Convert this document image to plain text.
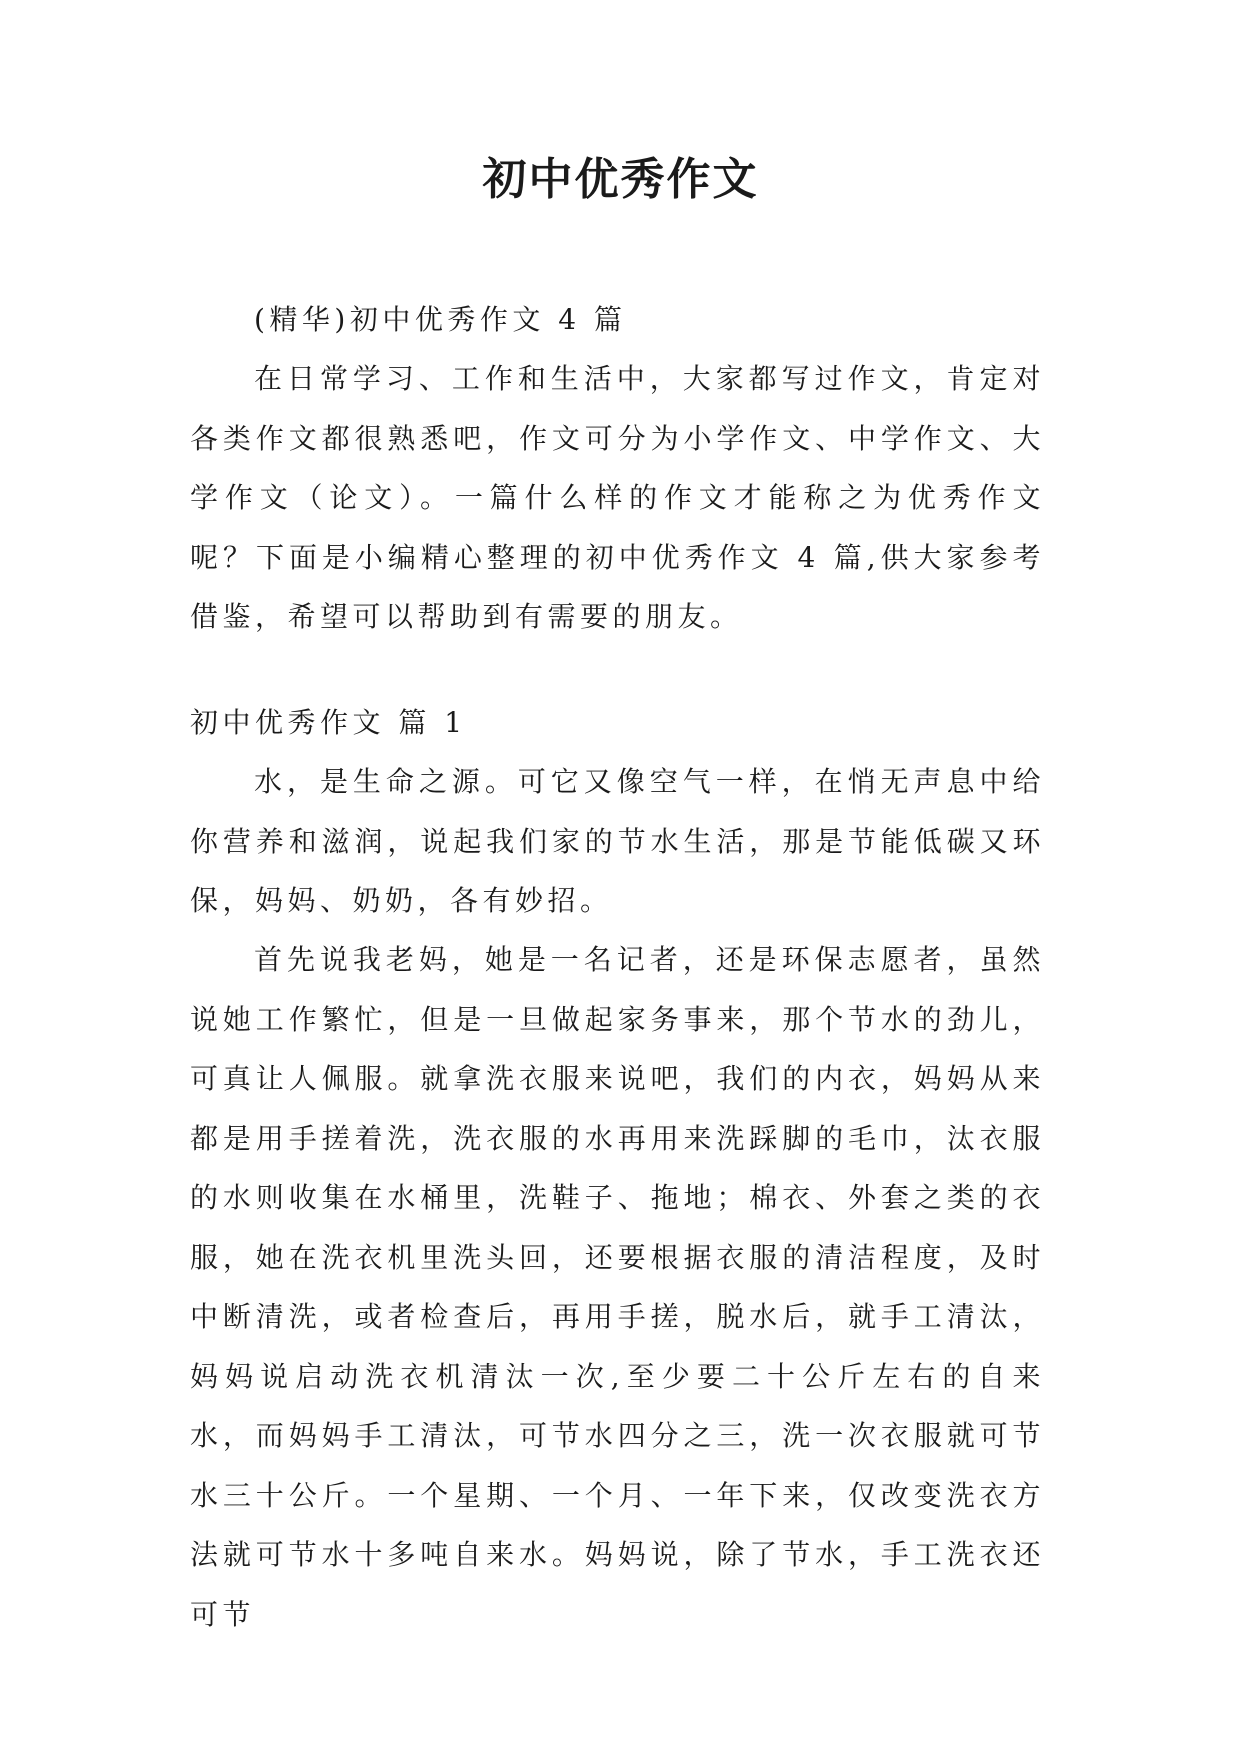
初中优秀作文

(精华)初中优秀作文 4 篇

在日常学习、工作和生活中，大家都写过作文，肯定对各类作文都很熟悉吧，作文可分为小学作文、中学作文、大学作文（论文）。一篇什么样的作文才能称之为优秀作文呢？下面是小编精心整理的初中优秀作文 4 篇,供大家参考借鉴，希望可以帮助到有需要的朋友。

初中优秀作文 篇 1

水，是生命之源。可它又像空气一样，在悄无声息中给你营养和滋润，说起我们家的节水生活，那是节能低碳又环保，妈妈、奶奶，各有妙招。

首先说我老妈，她是一名记者，还是环保志愿者，虽然说她工作繁忙，但是一旦做起家务事来，那个节水的劲儿，可真让人佩服。就拿洗衣服来说吧，我们的内衣，妈妈从来都是用手搓着洗，洗衣服的水再用来洗踩脚的毛巾，汰衣服的水则收集在水桶里，洗鞋子、拖地；棉衣、外套之类的衣服，她在洗衣机里洗头回，还要根据衣服的清洁程度，及时中断清洗，或者检查后，再用手搓，脱水后，就手工清汰，妈妈说启动洗衣机清汰一次,至少要二十公斤左右的自来水，而妈妈手工清汰，可节水四分之三，洗一次衣服就可节水三十公斤。一个星期、一个月、一年下来，仅改变洗衣方法就可节水十多吨自来水。妈妈说，除了节水，手工洗衣还可节
